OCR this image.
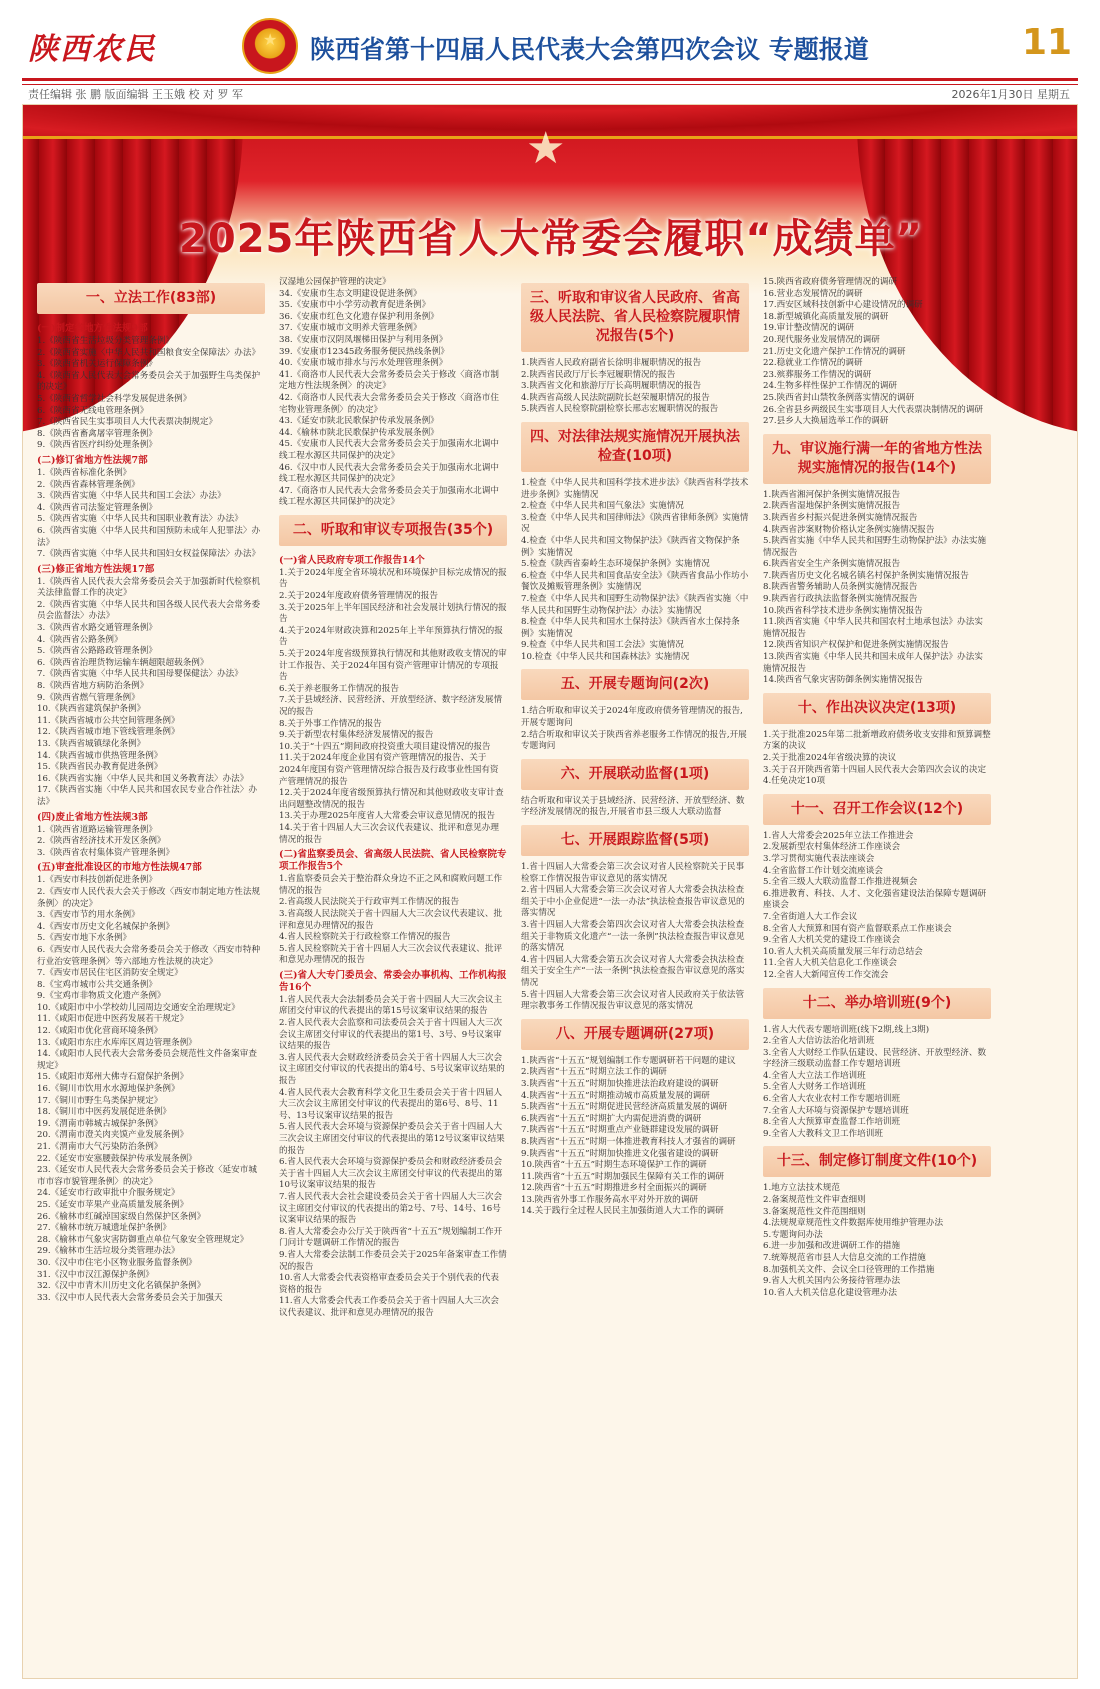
陕西农民	★ 陕西省第十四届人民代表大会第四次会议 专题报道	11
责任编辑 张 鹏 版面编辑 王玉娥 校 对 罗 军	2026年1月30日 星期五
★
2025年陕西省人大常委会履职“成绩单”
一、立法工作(83部)
(一)制定省地方性法规9部

1.《陕西省生活垃圾分类管理条例》

2.《陕西省实施〈中华人民共和国粮食安全保障法〉办法》

3.《陕西省机关运行保障条例》

4.《陕西省人民代表大会常务委员会关于加强野生鸟类保护的决定》

5.《陕西省哲学社会科学发展促进条例》

6.《陕西省无线电管理条例》

7.《陕西省民生实事项目人大代表票决制规定》

8.《陕西省畜禽屠宰管理条例》

9.《陕西省医疗纠纷处理条例》

(二)修订省地方性法规7部

1.《陕西省标准化条例》

2.《陕西省森林管理条例》

3.《陕西省实施〈中华人民共和国工会法〉办法》

4.《陕西省司法鉴定管理条例》

5.《陕西省实施〈中华人民共和国职业教育法〉办法》

6.《陕西省实施〈中华人民共和国预防未成年人犯罪法〉办法》

7.《陕西省实施〈中华人民共和国妇女权益保障法〉办法》

(三)修正省地方性法规17部

1.《陕西省人民代表大会常务委员会关于加强新时代检察机关法律监督工作的决定》

2.《陕西省实施〈中华人民共和国各级人民代表大会常务委员会监督法〉办法》

3.《陕西省水路交通管理条例》

4.《陕西省公路条例》

5.《陕西省公路路政管理条例》

6.《陕西省治理货物运输车辆超限超载条例》

7.《陕西省实施〈中华人民共和国母婴保健法〉办法》

8.《陕西省地方病防治条例》

9.《陕西省燃气管理条例》

10.《陕西省建筑保护条例》

11.《陕西省城市公共空间管理条例》

12.《陕西省城市地下管线管理条例》

13.《陕西省城镇绿化条例》

14.《陕西省城市供热管理条例》

15.《陕西省民办教育促进条例》

16.《陕西省实施〈中华人民共和国义务教育法〉办法》

17.《陕西省实施〈中华人民共和国农民专业合作社法〉办法》

(四)废止省地方性法规3部

1.《陕西省道路运输管理条例》

2.《陕西省经济技术开发区条例》

3.《陕西省农村集体资产管理条例》

(五)审查批准设区的市地方性法规47部

1.《西安市科技创新促进条例》

2.《西安市人民代表大会关于修改〈西安市制定地方性法规条例〉的决定》

3.《西安市节约用水条例》

4.《西安市历史文化名城保护条例》

5.《西安市地下水条例》

6.《西安市人民代表大会常务委员会关于修改〈西安市特种行业治安管理条例〉等六部地方性法规的决定》

7.《西安市居民住宅区消防安全规定》

8.《宝鸡市城市公共交通条例》

9.《宝鸡市非物质文化遗产条例》

10.《咸阳市中小学校幼儿园周边交通安全治理规定》

11.《咸阳市促进中医药发展若干规定》

12.《咸阳市优化营商环境条例》

13.《咸阳市东庄水库库区周边管理条例》

14.《咸阳市人民代表大会常务委员会规范性文件备案审查规定》

15.《咸阳市郑州大佛寺石窟保护条例》

16.《铜川市饮用水水源地保护条例》

17.《铜川市野生鸟类保护规定》

18.《铜川市中医药发展促进条例》

19.《渭南市韩城古城保护条例》

20.《渭南市澄关肉夹馍产业发展条例》

21.《渭南市大气污染防治条例》

22.《延安市安塞腰鼓保护传承发展条例》

23.《延安市人民代表大会常务委员会关于修改〈延安市城市市容市貌管理条例〉的决定》

24.《延安市行政审批中介服务规定》

25.《延安市苹果产业高质量发展条例》

26.《榆林市红碱淖国家级自然保护区条例》

27.《榆林市统万城遗址保护条例》

28.《榆林市气象灾害防御重点单位气象安全管理规定》

29.《榆林市生活垃圾分类管理办法》

30.《汉中市住宅小区物业服务监督条例》

31.《汉中市汉江源保护条例》

32.《汉中市青木川历史文化名镇保护条例》

33.《汉中市人民代表大会常务委员会关于加强天

汉湿地公园保护管理的决定》

34.《安康市生态文明建设促进条例》

35.《安康市中小学劳动教育促进条例》

36.《安康市红色文化遗存保护利用条例》

37.《安康市城市文明养犬管理条例》

38.《安康市汉阴凤堰梯田保护与利用条例》

39.《安康市12345政务服务便民热线条例》

40.《安康市城市排水与污水处理管理条例》

41.《商洛市人民代表大会常务委员会关于修改〈商洛市制定地方性法规条例〉的决定》

42.《商洛市人民代表大会常务委员会关于修改〈商洛市住宅物业管理条例〉的决定》

43.《延安市陕北民歌保护传承发展条例》

44.《榆林市陕北民歌保护传承发展条例》

45.《安康市人民代表大会常务委员会关于加强南水北调中线工程水源区共同保护的决定》

46.《汉中市人民代表大会常务委员会关于加强南水北调中线工程水源区共同保护的决定》

47.《商洛市人民代表大会常务委员会关于加强南水北调中线工程水源区共同保护的决定》

二、听取和审议专项报告(35个)
(一)省人民政府专项工作报告14个

1.关于2024年度全省环境状况和环境保护目标完成情况的报告

2.关于2024年度政府债务管理情况的报告

3.关于2025年上半年国民经济和社会发展计划执行情况的报告

4.关于2024年财政决算和2025年上半年预算执行情况的报告

5.关于2024年度省级预算执行情况和其他财政收支情况的审计工作报告、关于2024年国有资产管理审计情况的专项报告

6.关于养老服务工作情况的报告

7.关于县域经济、民营经济、开放型经济、数字经济发展情况的报告

8.关于外事工作情况的报告

9.关于新型农村集体经济发展情况的报告

10.关于“十四五”期间政府投资重大项目建设情况的报告

11.关于2024年度企业国有资产管理情况的报告、关于2024年度国有资产管理情况综合报告及行政事业性国有资产管理情况的报告

12.关于2024年度省级预算执行情况和其他财政收支审计查出问题整改情况的报告

13.关于办理2025年度省人大常委会审议意见情况的报告

14.关于省十四届人大三次会议代表建议、批评和意见办理情况的报告

(二)省监察委员会、省高级人民法院、省人民检察院专项工作报告5个

1.省监察委员会关于整治群众身边不正之风和腐败问题工作情况的报告

2.省高级人民法院关于行政审判工作情况的报告

3.省高级人民法院关于省十四届人大三次会议代表建议、批评和意见办理情况的报告

4.省人民检察院关于行政检察工作情况的报告

5.省人民检察院关于省十四届人大三次会议代表建议、批评和意见办理情况的报告

(三)省人大专门委员会、常委会办事机构、工作机构报告16个

1.省人民代表大会法制委员会关于省十四届人大三次会议主席团交付审议的代表提出的第15号议案审议结果的报告

2.省人民代表大会监察和司法委员会关于省十四届人大三次会议主席团交付审议的代表提出的第1号、3号、9号议案审议结果的报告

3.省人民代表大会财政经济委员会关于省十四届人大三次会议主席团交付审议的代表提出的第4号、5号议案审议结果的报告

4.省人民代表大会教育科学文化卫生委员会关于省十四届人大三次会议主席团交付审议的代表提出的第6号、8号、11号、13号议案审议结果的报告

5.省人民代表大会环境与资源保护委员会关于省十四届人大三次会议主席团交付审议的代表提出的第12号议案审议结果的报告

6.省人民代表大会环境与资源保护委员会和财政经济委员会关于省十四届人大三次会议主席团交付审议的代表提出的第10号议案审议结果的报告

7.省人民代表大会社会建设委员会关于省十四届人大三次会议主席团交付审议的代表提出的第2号、7号、14号、16号议案审议结果的报告

8.省人大常委会办公厅关于陕西省“十五五”规划编制工作开门问计专题调研工作情况的报告

9.省人大常委会法制工作委员会关于2025年备案审查工作情况的报告

10.省人大常委会代表资格审查委员会关于个别代表的代表资格的报告

11.省人大常委会代表工作委员会关于省十四届人大三次会议代表建议、批评和意见办理情况的报告

三、听取和审议省人民政府、省高级人民法院、省人民检察院履职情况报告(5个)

1.陕西省人民政府副省长徐明非履职情况的报告

2.陕西省民政厅厅长李冠履职情况的报告

3.陕西省文化和旅游厅厅长高明履职情况的报告

4.陕西省高级人民法院副院长赵荣履职情况的报告

5.陕西省人民检察院副检察长邢志宏履职情况的报告

四、对法律法规实施情况开展执法检查(10项)

1.检查《中华人民共和国科学技术进步法》《陕西省科学技术进步条例》实施情况

2.检查《中华人民共和国气象法》实施情况

3.检查《中华人民共和国律师法》《陕西省律师条例》实施情况

4.检查《中华人民共和国文物保护法》《陕西省文物保护条例》实施情况

5.检查《陕西省秦岭生态环境保护条例》实施情况

6.检查《中华人民共和国食品安全法》《陕西省食品小作坊小餐饮及摊贩管理条例》实施情况

7.检查《中华人民共和国野生动物保护法》《陕西省实施〈中华人民共和国野生动物保护法〉办法》实施情况

8.检查《中华人民共和国水土保持法》《陕西省水土保持条例》实施情况

9.检查《中华人民共和国工会法》实施情况

10.检查《中华人民共和国森林法》实施情况

五、开展专题询问(2次)

1.结合听取和审议关于2024年度政府债务管理情况的报告,开展专题询问

2.结合听取和审议关于陕西省养老服务工作情况的报告,开展专题询问

六、开展联动监督(1项)

结合听取和审议关于县域经济、民营经济、开放型经济、数字经济发展情况的报告,开展省市县三级人大联动监督

七、开展跟踪监督(5项)

1.省十四届人大常委会第三次会议对省人民检察院关于民事检察工作情况报告审议意见的落实情况

2.省十四届人大常委会第三次会议对省人大常委会执法检查组关于中小企业促进“一法一办法”执法检查报告审议意见的落实情况

3.省十四届人大常委会第四次会议对省人大常委会执法检查组关于非物质文化遗产“一法一条例”执法检查报告审议意见的落实情况

4.省十四届人大常委会第五次会议对省人大常委会执法检查组关于安全生产“一法一条例”执法检查报告审议意见的落实情况

5.省十四届人大常委会第三次会议对省人民政府关于依法管理宗教事务工作情况报告审议意见的落实情况

八、开展专题调研(27项)

1.陕西省“十五五”规划编制工作专题调研若干问题的建议

2.陕西省“十五五”时期立法工作的调研

3.陕西省“十五五”时期加快推进法治政府建设的调研

4.陕西省“十五五”时期推动城市高质量发展的调研

5.陕西省“十五五”时期促进民营经济高质量发展的调研

6.陕西省“十五五”时期扩大内需促进消费的调研

7.陕西省“十五五”时期重点产业链群建设发展的调研

8.陕西省“十五五”时期一体推进教育科技人才强省的调研

9.陕西省“十五五”时期加快推进文化强省建设的调研

10.陕西省“十五五”时期生态环境保护工作的调研

11.陕西省“十五五”时期加强民生保障有关工作的调研

12.陕西省“十五五”时期推进乡村全面振兴的调研

13.陕西省外事工作服务高水平对外开放的调研

14.关于践行全过程人民民主加强街道人大工作的调研

15.陕西省政府债务管理情况的调研

16.营业态发展情况的调研

17.西安区域科技创新中心建设情况的调研

18.新型城镇化高质量发展的调研

19.审计整改情况的调研

20.现代服务业发展情况的调研

21.历史文化遗产保护工作情况的调研

22.稳就业工作情况的调研

23.殡葬服务工作情况的调研

24.生物多样性保护工作情况的调研

25.陕西省封山禁牧条例落实情况的调研

26.全省县乡两级民生实事项目人大代表票决制情况的调研

27.县乡人大换届选举工作的调研

九、审议施行满一年的省地方性法规实施情况的报告(14个)

1.陕西省湘河保护条例实施情况报告

2.陕西省湿地保护条例实施情况报告

3.陕西省乡村振兴促进条例实施情况报告

4.陕西省涉案财物价格认定条例实施情况报告

5.陕西省实施《中华人民共和国野生动物保护法》办法实施情况报告

6.陕西省安全生产条例实施情况报告

7.陕西省历史文化名城名镇名村保护条例实施情况报告

8.陕西省警务辅助人员条例实施情况报告

9.陕西省行政执法监督条例实施情况报告

10.陕西省科学技术进步条例实施情况报告

11.陕西省实施《中华人民共和国农村土地承包法》办法实施情况报告

12.陕西省知识产权保护和促进条例实施情况报告

13.陕西省实施《中华人民共和国未成年人保护法》办法实施情况报告

14.陕西省气象灾害防御条例实施情况报告

十、作出决议决定(13项)

1.关于批准2025年第二批新增政府债务收支安排和预算调整方案的决议

2.关于批准2024年省级决算的决议

3.关于召开陕西省第十四届人民代表大会第四次会议的决定

4.任免决定10项

十一、召开工作会议(12个)

1.省人大常委会2025年立法工作推进会

2.发展新型农村集体经济工作座谈会

3.学习贯彻实施代表法座谈会

4.全省监督工作计划交流座谈会

5.全省三级人大联动监督工作推进视频会

6.推进教育、科技、人才、文化强省建设法治保障专题调研座谈会

7.全省街道人大工作会议

8.全省人大预算和国有资产监督联系点工作座谈会

9.全省人大机关党的建设工作座谈会

10.省人大机关高质量发展三年行动总结会

11.全省人大机关信息化工作座谈会

12.全省人大新闻宣传工作交流会

十二、举办培训班(9个)

1.省人大代表专题培训班(线下2期,线上3期)

2.全省人大信访法治化培训班

3.全省人大财经工作队伍建设、民营经济、开放型经济、数字经济三级联动监督工作专题培训班

4.全省人大立法工作培训班

5.全省人大财务工作培训班

6.全省人大农业农村工作专题培训班

7.全省人大环境与资源保护专题培训班

8.全省人大预算审查监督工作培训班

9.全省人大教科文卫工作培训班

十三、制定修订制度文件(10个)

1.地方立法技术规范

2.备案规范性文件审查细则

3.备案规范性文件范围细则

4.法规规章规范性文件数据库使用维护管理办法

5.专题询问办法

6.进一步加强和改进调研工作的措施

7.统筹规范省市县人大信息交流的工作措施

8.加强机关文件、会议全口径管理的工作措施

9.省人大机关国内公务接待管理办法

10.省人大机关信息化建设管理办法
